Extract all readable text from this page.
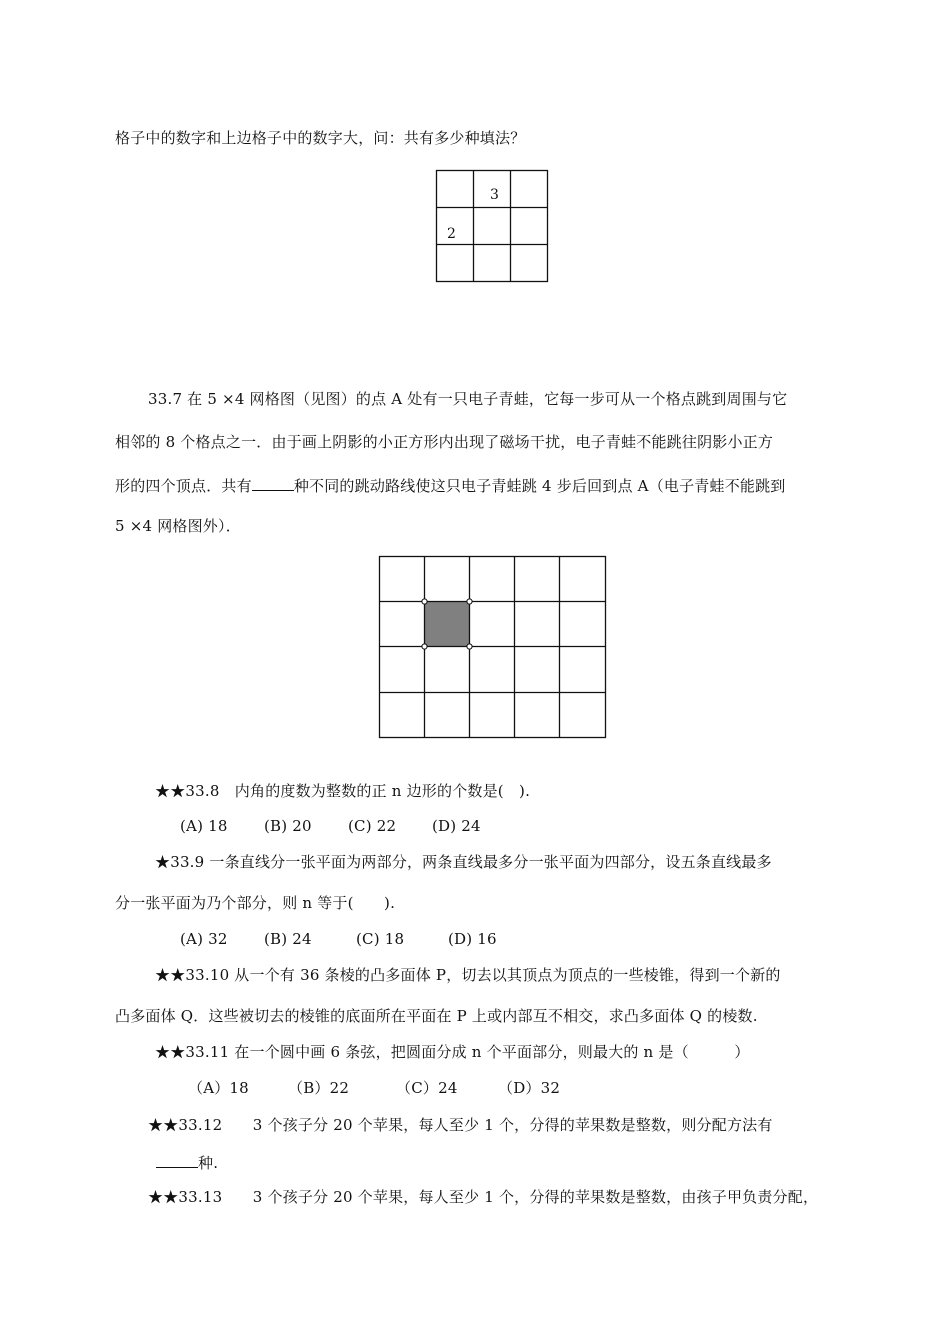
格子中的数字和上边格子中的数字大，问：共有多少种填法？
3
2
33.7 在 5 ×4 网格图（见图）的点 A 处有一只电子青蛙，它每一步可从一个格点跳到周围与它
相邻的 8 个格点之一．由于画上阴影的小正方形内出现了磁场干扰，电子青蛙不能跳往阴影小正方
形的四个顶点．共有	种不同的跳动路线使这只电子青蛙跳 4 步后回到点 A（电子青蛙不能跳到
5 ×4 网格图外）．
★★33.8　内角的度数为整数的正 n 边形的个数是(　).
(A) 18 (B) 20 (C) 22 (D) 24
★33.9 一条直线分一张平面为两部分，两条直线最多分一张平面为四部分，设五条直线最多
分一张平面为乃个部分，则 n 等于(　　).
(A) 32 (B) 24	(C) 18	(D) 16
★★33.10 从一个有 36 条棱的凸多面体 P，切去以其顶点为顶点的一些棱锥，得到一个新的
凸多面体 Q．这些被切去的棱锥的底面所在平面在 P 上或内部互不相交，求凸多面体 Q 的棱数.
★★33.11 在一个圆中画 6 条弦，把圆面分成 n 个平面部分，则最大的 n 是（　　　）
（A）18	（B）22	（C）24	（D）32
★★33.12　　3 个孩子分 20 个苹果，每人至少 1 个，分得的苹果数是整数，则分配方法有
种.
★★33.13　　3 个孩子分 20 个苹果，每人至少 1 个，分得的苹果数是整数，由孩子甲负责分配，
